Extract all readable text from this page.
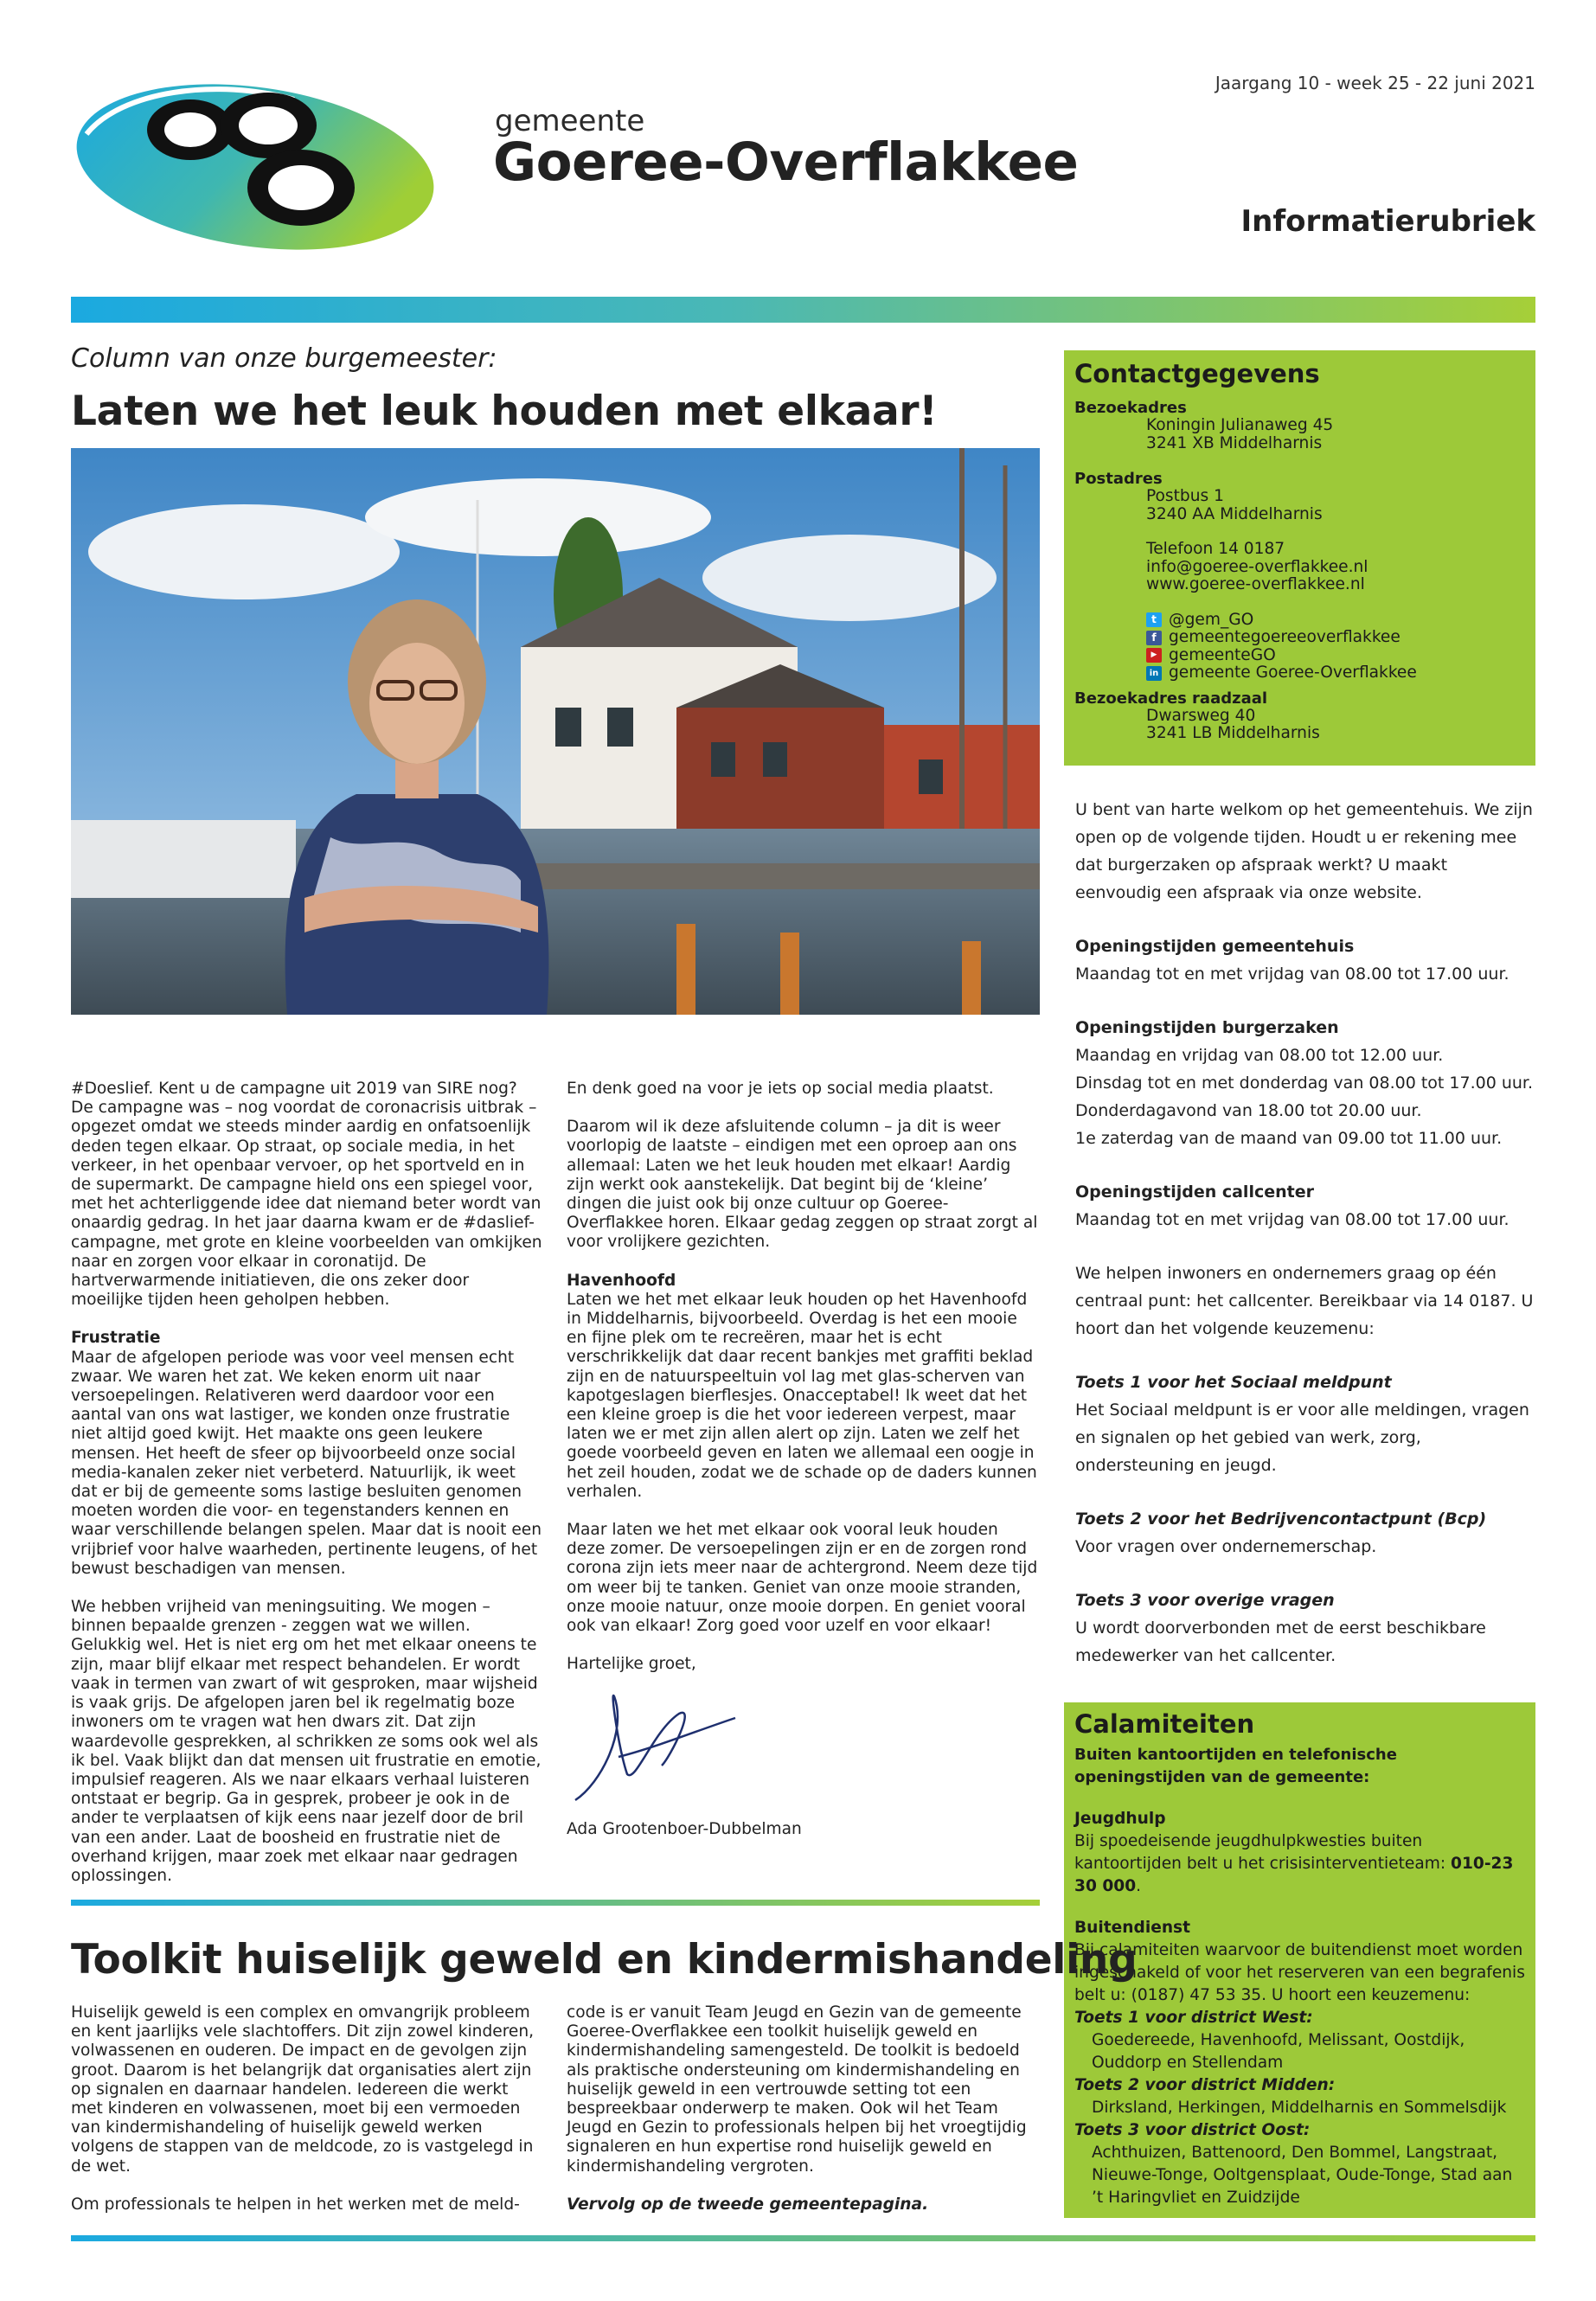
Jaargang 10 - week 25 - 22 juni 2021
gemeente
Goeree-Overflakkee
Informatierubriek
Column van onze burgemeester:
Laten we het leuk houden met elkaar!

#Doeslief. Kent u de campagne uit 2019 van SIRE nog? De campagne was – nog voordat de coronacrisis uitbrak – opgezet omdat we steeds minder aardig en onfatsoenlijk deden tegen elkaar. Op straat, op sociale media, in het verkeer, in het openbaar vervoer, op het sportveld en in de supermarkt. De campagne hield ons een spiegel voor, met het achterliggende idee dat niemand beter wordt van onaardig gedrag. In het jaar daarna kwam er de #daslief-campagne, met grote en kleine voorbeelden van omkijken naar en zorgen voor elkaar in coronatijd. De hartverwarmende initiatieven, die ons zeker door moeilijke tijden heen geholpen hebben.

Frustratie
Maar de afgelopen periode was voor veel mensen echt zwaar. We waren het zat. We keken enorm uit naar versoepelingen. Relativeren werd daardoor voor een aantal van ons wat lastiger, we konden onze frustratie niet altijd goed kwijt. Het maakte ons geen leukere mensen. Het heeft de sfeer op bijvoorbeeld onze social media-kanalen zeker niet verbeterd. Natuurlijk, ik weet dat er bij de gemeente soms lastige besluiten genomen moeten worden die voor- en tegenstanders kennen en waar verschillende belangen spelen. Maar dat is nooit een vrijbrief voor halve waarheden, pertinente leugens, of het bewust beschadigen van mensen.

We hebben vrijheid van meningsuiting. We mogen – binnen bepaalde grenzen - zeggen wat we willen. Gelukkig wel. Het is niet erg om het met elkaar oneens te zijn, maar blijf elkaar met respect behandelen. Er wordt vaak in termen van zwart of wit gesproken, maar wijsheid is vaak grijs. De afgelopen jaren bel ik regelmatig boze inwoners om te vragen wat hen dwars zit. Dat zijn waardevolle gesprekken, al schrikken ze soms ook wel als ik bel. Vaak blijkt dan dat mensen uit frustratie en emotie, impulsief reageren. Als we naar elkaars verhaal luisteren ontstaat er begrip. Ga in gesprek, probeer je ook in de ander te verplaatsen of kijk eens naar jezelf door de bril van een ander. Laat de boosheid en frustratie niet de overhand krijgen, maar zoek met elkaar naar gedragen oplossingen.

En denk goed na voor je iets op social media plaatst.

Daarom wil ik deze afsluitende column – ja dit is weer voorlopig de laatste – eindigen met een oproep aan ons allemaal: Laten we het leuk houden met elkaar! Aardig zijn werkt ook aanstekelijk. Dat begint bij de ‘kleine’ dingen die juist ook bij onze cultuur op Goeree-Overflakkee horen. Elkaar gedag zeggen op straat zorgt al voor vrolijkere gezichten.

Havenhoofd
Laten we het met elkaar leuk houden op het Havenhoofd in Middelharnis, bijvoorbeeld. Overdag is het een mooie en fijne plek om te recreëren, maar het is echt verschrikkelijk dat daar recent bankjes met graffiti beklad zijn en de natuurspeeltuin vol lag met glas-scherven van kapotgeslagen bierflesjes. Onacceptabel! Ik weet dat het een kleine groep is die het voor iedereen verpest, maar laten we er met zijn allen alert op zijn. Laten we zelf het goede voorbeeld geven en laten we allemaal een oogje in het zeil houden, zodat we de schade op de daders kunnen verhalen.

Maar laten we het met elkaar ook vooral leuk houden deze zomer. De versoepelingen zijn er en de zorgen rond corona zijn iets meer naar de achtergrond. Neem deze tijd om weer bij te tanken. Geniet van onze mooie stranden, onze mooie natuur, onze mooie dorpen. En geniet vooral ook van elkaar! Zorg goed voor uzelf en voor elkaar!

Hartelijke groet,

Ada Grootenboer-Dubbelman
Contactgegevens
Bezoekadres
Koningin Julianaweg 45
3241 XB Middelharnis
Postadres
Postbus 1
3240 AA Middelharnis
Telefoon 14 0187
info@goeree-overflakkee.nl
www.goeree-overflakkee.nl
t @gem_GO
f gemeentegoereeoverflakkee
▶ gemeenteGO
in gemeente Goeree-Overflakkee
Bezoekadres raadzaal
Dwarsweg 40
3241 LB Middelharnis

U bent van harte welkom op het gemeentehuis. We zijn open op de volgende tijden. Houdt u er rekening mee dat burgerzaken op afspraak werkt? U maakt eenvoudig een afspraak via onze website.

Openingstijden gemeentehuis
Maandag tot en met vrijdag van 08.00 tot 17.00 uur.

Openingstijden burgerzaken
Maandag en vrijdag van 08.00 tot 12.00 uur.
Dinsdag tot en met donderdag van 08.00 tot 17.00 uur.
Donderdagavond van 18.00 tot 20.00 uur.
1e zaterdag van de maand van 09.00 tot 11.00 uur.

Openingstijden callcenter
Maandag tot en met vrijdag van 08.00 tot 17.00 uur.

We helpen inwoners en ondernemers graag op één centraal punt: het callcenter. Bereikbaar via 14 0187. U hoort dan het volgende keuzemenu:

Toets 1 voor het Sociaal meldpunt
Het Sociaal meldpunt is er voor alle meldingen, vragen en signalen op het gebied van werk, zorg, ondersteuning en jeugd.

Toets 2 voor het Bedrijvencontactpunt (Bcp)
Voor vragen over ondernemerschap.

Toets 3 voor overige vragen
U wordt doorverbonden met de eerst beschikbare medewerker van het callcenter.

Calamiteiten
Buiten kantoortijden en telefonische openingstijden van de gemeente:
Jeugdhulp
Bij spoedeisende jeugdhulpkwesties buiten kantoortijden belt u het crisisinterventieteam: 010-23 30 000.
Buitendienst
Bij calamiteiten waarvoor de buitendienst moet worden ingeschakeld of voor het reserveren van een begrafenis belt u: (0187) 47 53 35. U hoort een keuzemenu:
Toets 1 voor district West:
Goedereede, Havenhoofd, Melissant, Oostdijk, Ouddorp en Stellendam
Toets 2 voor district Midden:
Dirksland, Herkingen, Middelharnis en Sommelsdijk
Toets 3 voor district Oost:
Achthuizen, Battenoord, Den Bommel, Langstraat, Nieuwe-Tonge, Ooltgensplaat, Oude-Tonge, Stad aan ’t Haringvliet en Zuidzijde
Toolkit huiselijk geweld en kindermishandeling

Huiselijk geweld is een complex en omvangrijk probleem en kent jaarlijks vele slachtoffers. Dit zijn zowel kinderen, volwassenen en ouderen. De impact en de gevolgen zijn groot. Daarom is het belangrijk dat organisaties alert zijn op signalen en daarnaar handelen. Iedereen die werkt met kinderen en volwassenen, moet bij een vermoeden van kindermishandeling of huiselijk geweld werken volgens de stappen van de meldcode, zo is vastgelegd in de wet.

Om professionals te helpen in het werken met de meld-

code is er vanuit Team Jeugd en Gezin van de gemeente Goeree-Overflakkee een toolkit huiselijk geweld en kindermishandeling samengesteld. De toolkit is bedoeld als praktische ondersteuning om kindermishandeling en huiselijk geweld in een vertrouwde setting tot een bespreekbaar onderwerp te maken. Ook wil het Team Jeugd en Gezin to professionals helpen bij het vroegtijdig signaleren en hun expertise rond huiselijk geweld en kindermishandeling vergroten.

Vervolg op de tweede gemeentepagina.
